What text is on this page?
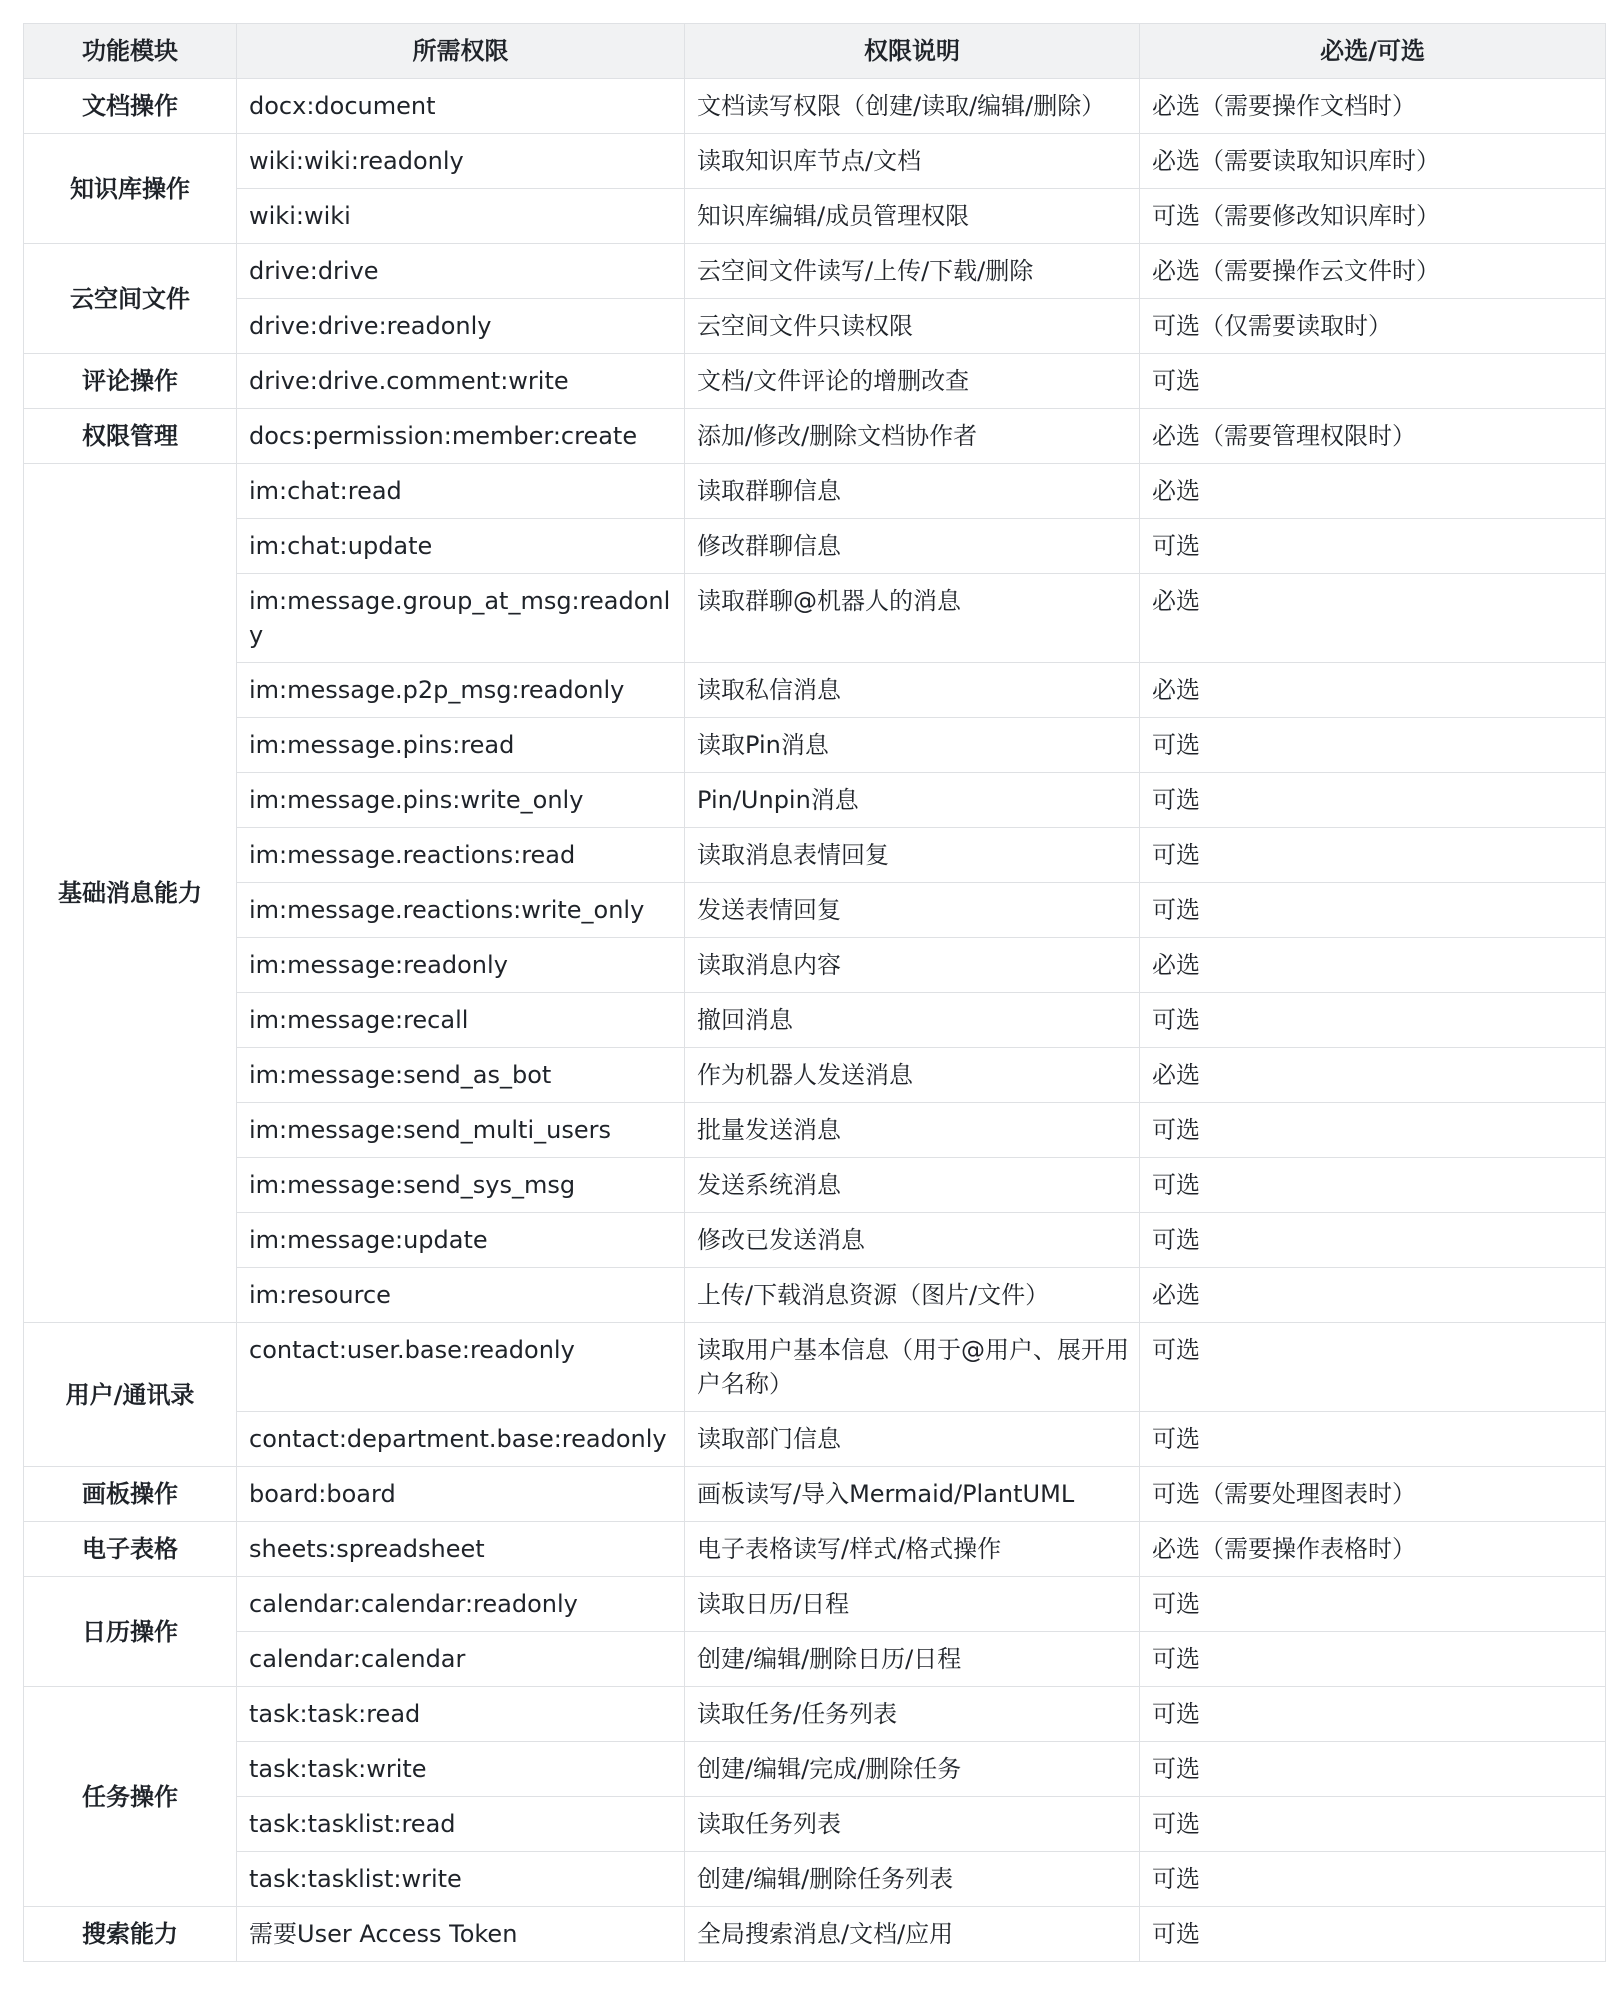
功能模块	所需权限	权限说明	必选/可选
文档操作	docx:document	文档读写权限（创建/读取/编辑/删除）	必选（需要操作文档时）
知识库操作	wiki:wiki:readonly	读取知识库节点/文档	必选（需要读取知识库时）
	wiki:wiki	知识库编辑/成员管理权限	可选（需要修改知识库时）
云空间文件	drive:drive	云空间文件读写/上传/下载/删除	必选（需要操作云文件时）
	drive:drive:readonly	云空间文件只读权限	可选（仅需要读取时）
评论操作	drive:drive.comment:write	文档/文件评论的增删改查	可选
权限管理	docs:permission:member:create	添加/修改/删除文档协作者	必选（需要管理权限时）
基础消息能力	im:chat:read	读取群聊信息	必选
	im:chat:update	修改群聊信息	可选
	im:message.group_at_msg:readonly	读取群聊@机器人的消息	必选
	im:message.p2p_msg:readonly	读取私信消息	必选
	im:message.pins:read	读取Pin消息	可选
	im:message.pins:write_only	Pin/Unpin消息	可选
	im:message.reactions:read	读取消息表情回复	可选
	im:message.reactions:write_only	发送表情回复	可选
	im:message:readonly	读取消息内容	必选
	im:message:recall	撤回消息	可选
	im:message:send_as_bot	作为机器人发送消息	必选
	im:message:send_multi_users	批量发送消息	可选
	im:message:send_sys_msg	发送系统消息	可选
	im:message:update	修改已发送消息	可选
	im:resource	上传/下载消息资源（图片/文件）	必选
用户/通讯录	contact:user.base:readonly	读取用户基本信息（用于@用户、展开用户名称）	可选
	contact:department.base:readonly	读取部门信息	可选
画板操作	board:board	画板读写/导入Mermaid/PlantUML	可选（需要处理图表时）
电子表格	sheets:spreadsheet	电子表格读写/样式/格式操作	必选（需要操作表格时）
日历操作	calendar:calendar:readonly	读取日历/日程	可选
	calendar:calendar	创建/编辑/删除日历/日程	可选
任务操作	task:task:read	读取任务/任务列表	可选
	task:task:write	创建/编辑/完成/删除任务	可选
	task:tasklist:read	读取任务列表	可选
	task:tasklist:write	创建/编辑/删除任务列表	可选
搜索能力	需要User Access Token	全局搜索消息/文档/应用	可选
